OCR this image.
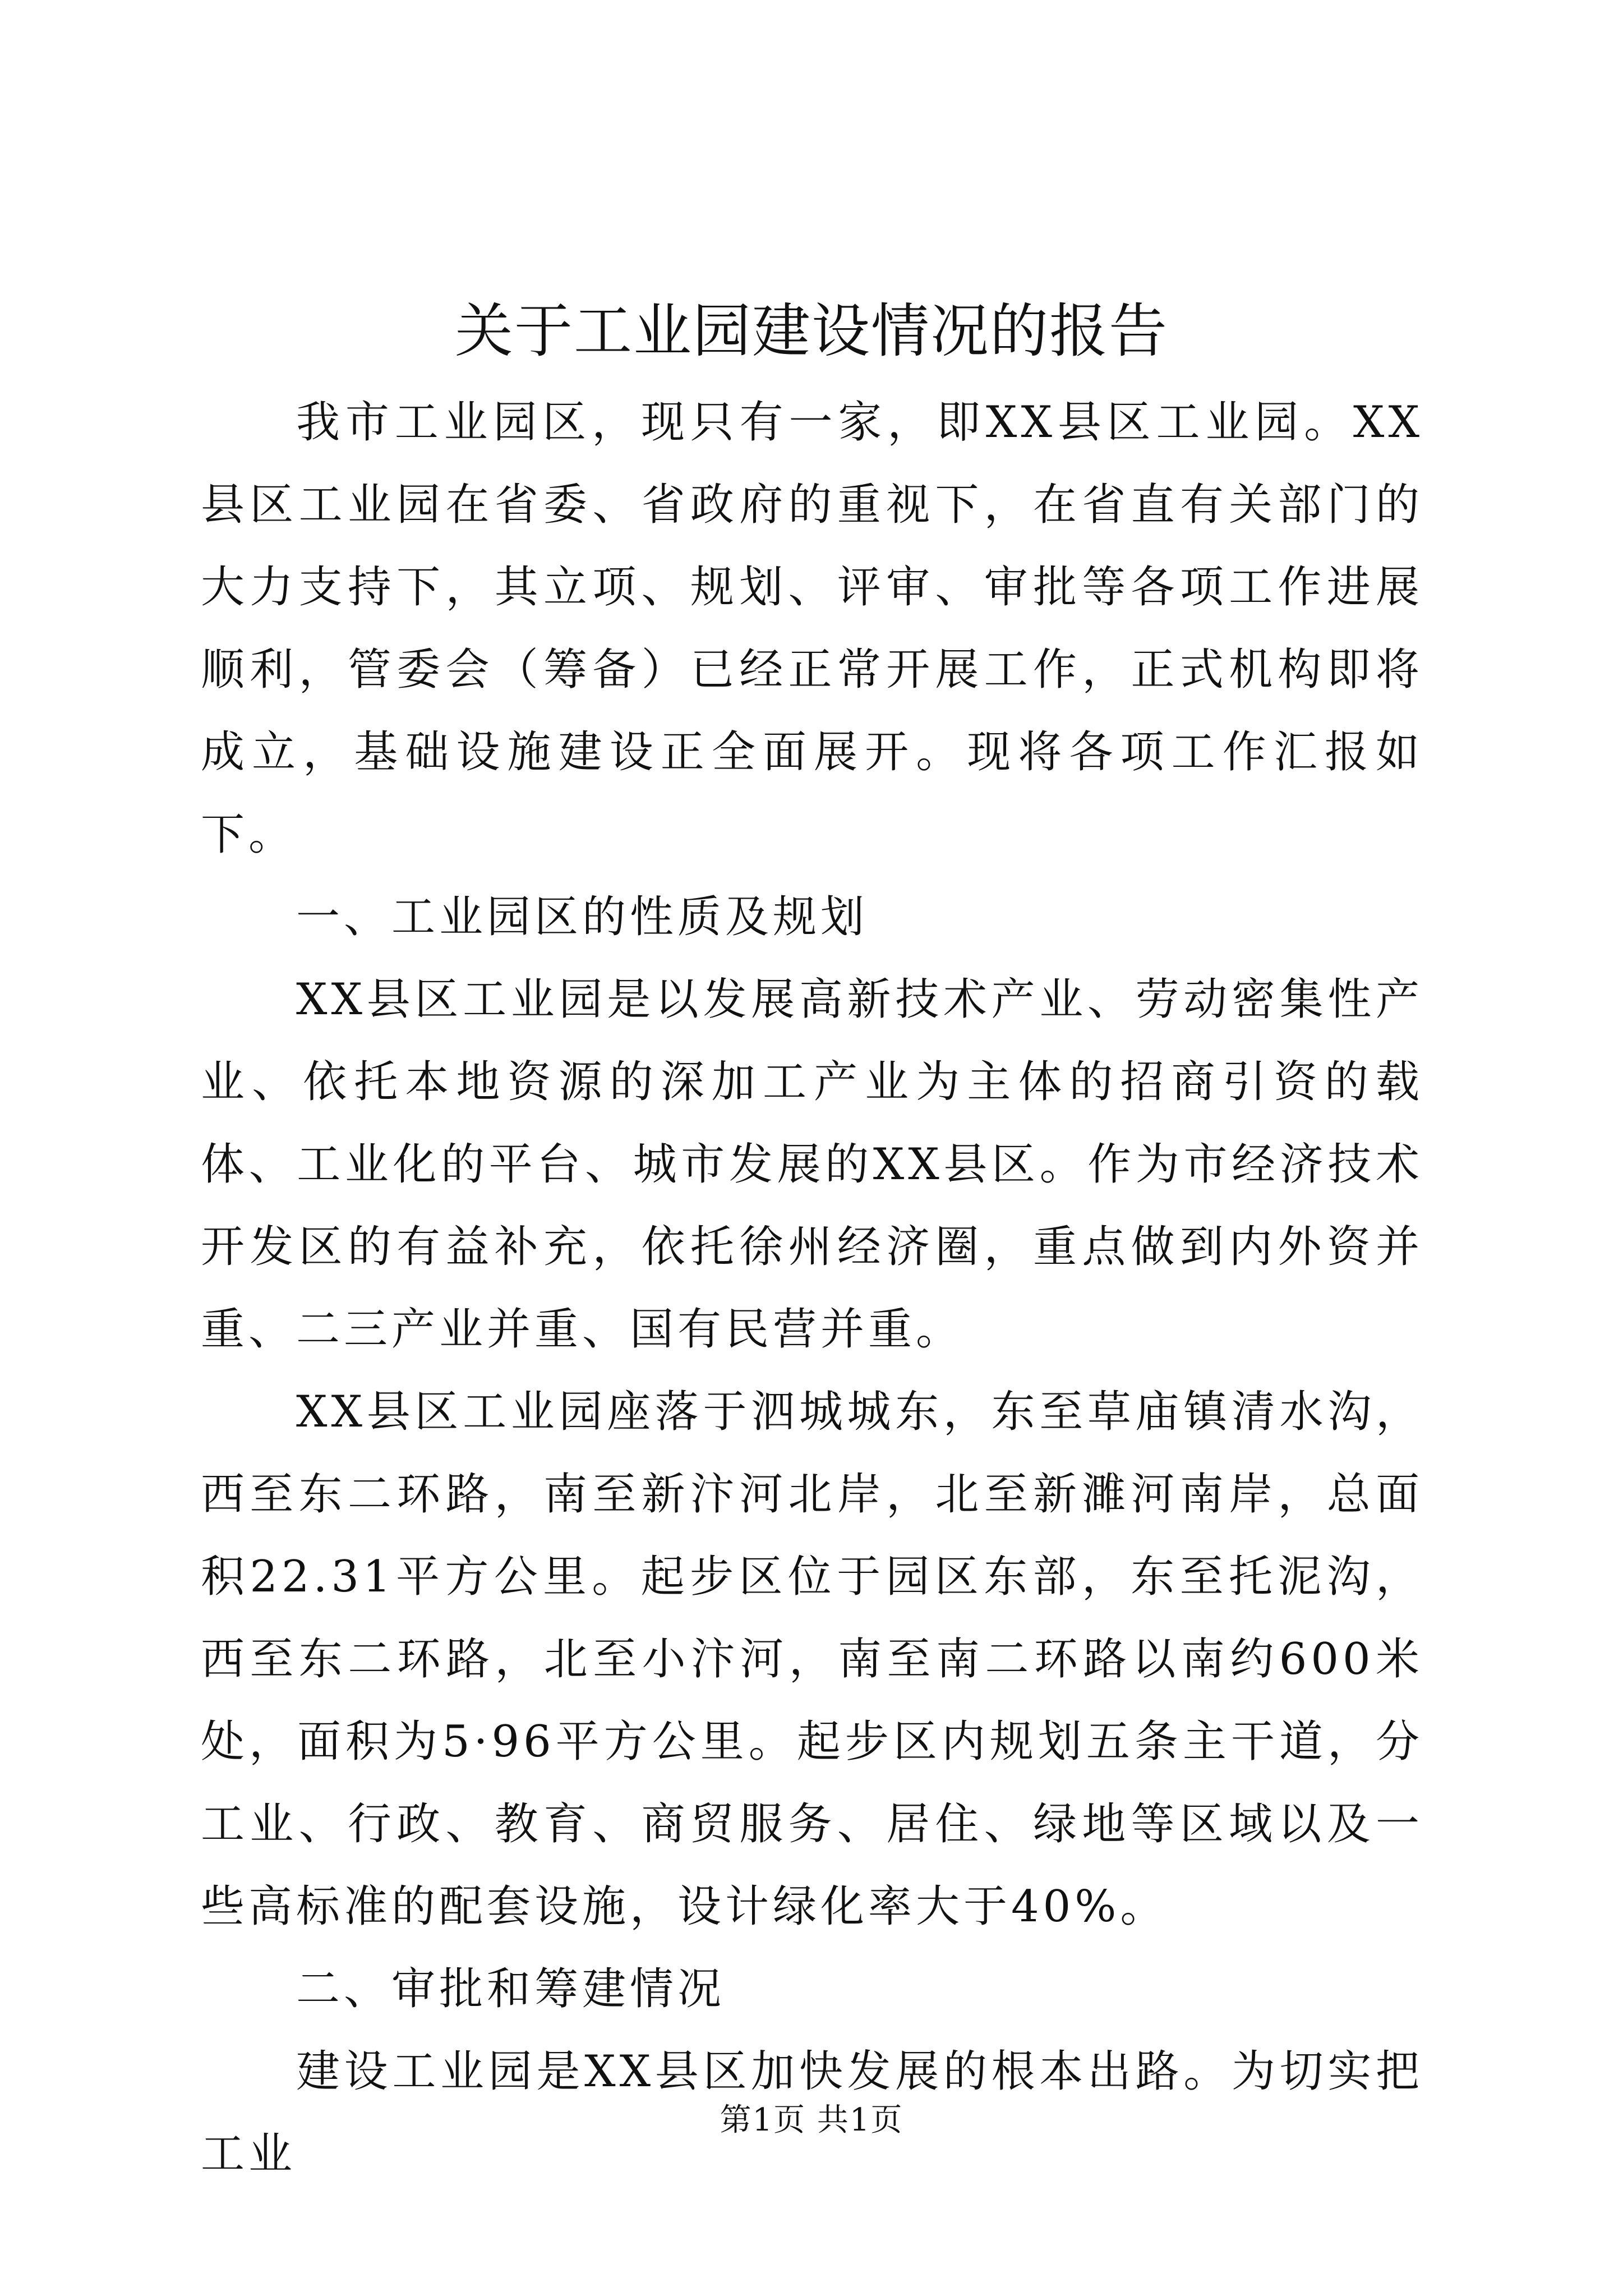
关于工业园建设情况的报告

我市工业园区，现只有一家，即XX县区工业园。XX县区工业园在省委、省政府的重视下，在省直有关部门的大力支持下，其立项、规划、评审、审批等各项工作进展顺利，管委会（筹备）已经正常开展工作，正式机构即将成立，基础设施建设正全面展开。现将各项工作汇报如下。

一、工业园区的性质及规划

XX县区工业园是以发展高新技术产业、劳动密集性产业、依托本地资源的深加工产业为主体的招商引资的载体、工业化的平台、城市发展的XX县区。作为市经济技术开发区的有益补充，依托徐州经济圈，重点做到内外资并重、二三产业并重、国有民营并重。

XX县区工业园座落于泗城城东，东至草庙镇清水沟，西至东二环路，南至新汴河北岸，北至新濉河南岸，总面积22.31平方公里。起步区位于园区东部，东至托泥沟，西至东二环路，北至小汴河，南至南二环路以南约600米处，面积为5·96平方公里。起步区内规划五条主干道，分工业、行政、教育、商贸服务、居住、绿地等区域以及一些高标准的配套设施，设计绿化率大于40%。

二、审批和筹建情况

建设工业园是XX县区加快发展的根本出路。为切实把工业

第1页 共1页
